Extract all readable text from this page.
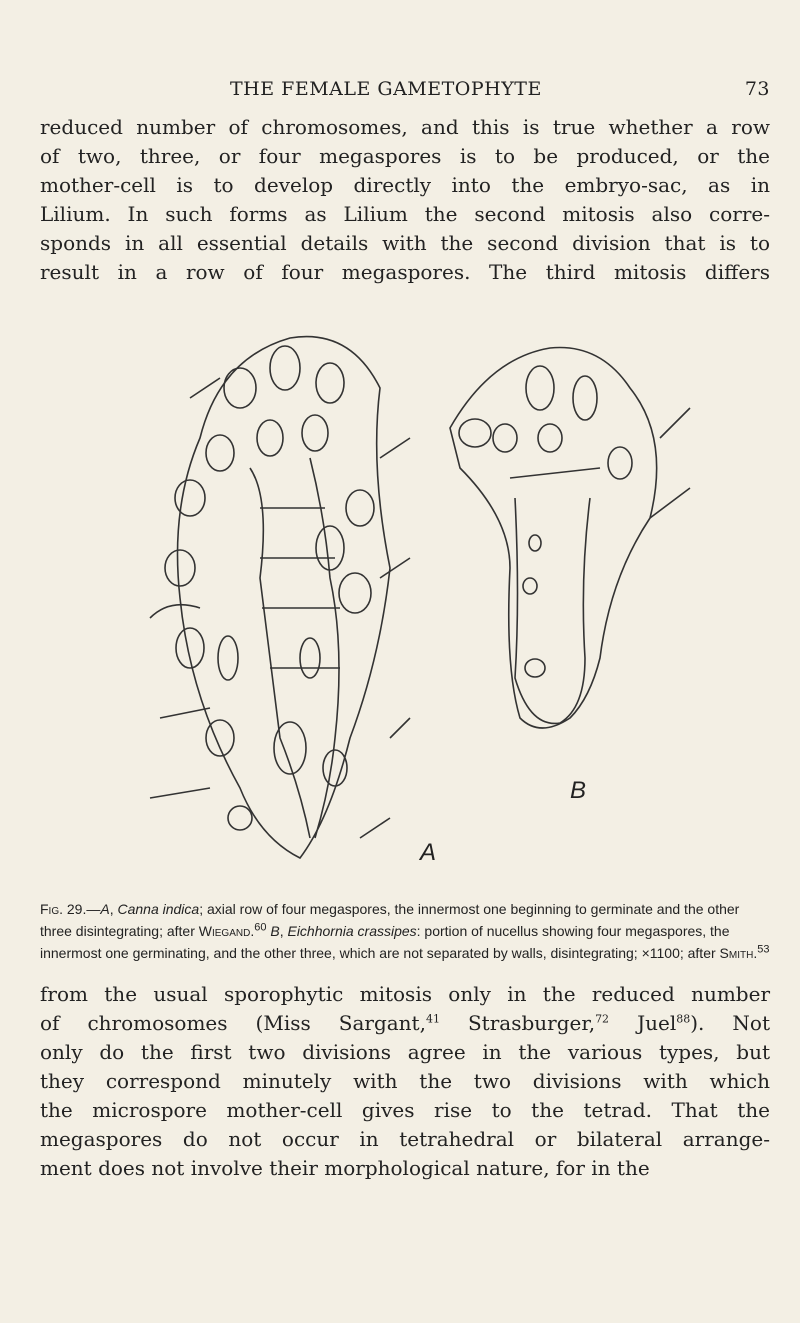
THE FEMALE GAMETOPHYTE	73
reduced number of chromosomes, and this is true whether a row
of two, three, or four megaspores is to be produced, or the
mother-cell is to develop directly into the embryo-sac, as in
Lilium. In such forms as Lilium the second mitosis also corre-
sponds in all essential details with the second division that is to
result in a row of four megaspores. The third mitosis differs
B
A

Fig. 29.—A, Canna indica; axial row of four megaspores, the innermost one beginning to germinate and the other three disintegrating; after Wiegand.$^{60}$ B, Eichhornia crassipes: portion of nucellus showing four megaspores, the innermost one germinating, and the other three, which are not separated by walls, disintegrating; ×1100; after Smith.$^{53}$

from the usual sporophytic mitosis only in the reduced number
of chromosomes (Miss Sargant,$^{41}$ Strasburger,$^{72}$ Juel$^{88}$). Not
only do the first two divisions agree in the various types, but
they correspond minutely with the two divisions with which
the microspore mother-cell gives rise to the tetrad. That the
megaspores do not occur in tetrahedral or bilateral arrange-
ment does not involve their morphological nature, for in the
